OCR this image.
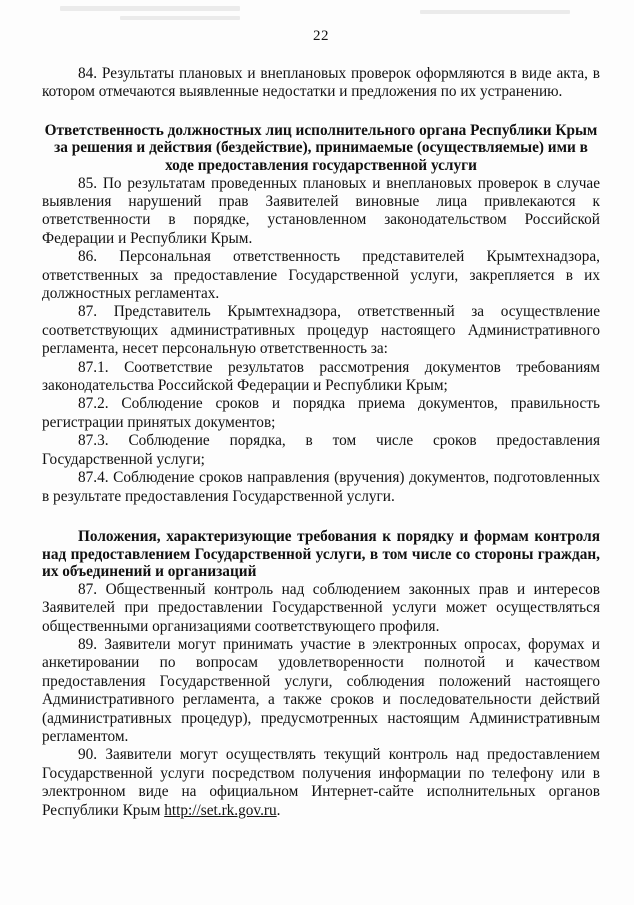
22

84. Результаты плановых и внеплановых проверок оформляются в виде акта, в котором отмечаются выявленные недостатки и предложения по их устранению.

Ответственность должностных лиц исполнительного органа Республики Крым за решения и действия (бездействие), принимаемые (осуществляемые) ими в ходе предоставления государственной услуги

85. По результатам проведенных плановых и внеплановых проверок в случае выявления нарушений прав Заявителей виновные лица привлекаются к ответственности в порядке, установленном законодательством Российской Федерации и Республики Крым.

86. Персональная ответственность представителей Крымтехнадзора, ответственных за предоставление Государственной услуги, закрепляется в их должностных регламентах.

87. Представитель Крымтехнадзора, ответственный за осуществление соответствующих административных процедур настоящего Административного регламента, несет персональную ответственность за:

87.1. Соответствие результатов рассмотрения документов требованиям законодательства Российской Федерации и Республики Крым;

87.2. Соблюдение сроков и порядка приема документов, правильность регистрации принятых документов;

87.3. Соблюдение порядка, в том числе сроков предоставления Государственной услуги;

87.4. Соблюдение сроков направления (вручения) документов, подготовленных в результате предоставления Государственной услуги.

Положения, характеризующие требования к порядку и формам контроля над предоставлением Государственной услуги, в том числе со стороны граждан, их объединений и организаций

87. Общественный контроль над соблюдением законных прав и интересов Заявителей при предоставлении Государственной услуги может осуществляться общественными организациями соответствующего профиля.

89. Заявители могут принимать участие в электронных опросах, форумах и анкетировании по вопросам удовлетворенности полнотой и качеством предоставления Государственной услуги, соблюдения положений настоящего Административного регламента, а также сроков и последовательности действий (административных процедур), предусмотренных настоящим Административным регламентом.

90. Заявители могут осуществлять текущий контроль над предоставлением Государственной услуги посредством получения информации по телефону или в электронном виде на официальном Интернет-сайте исполнительных органов Республики Крым http://set.rk.gov.ru.
